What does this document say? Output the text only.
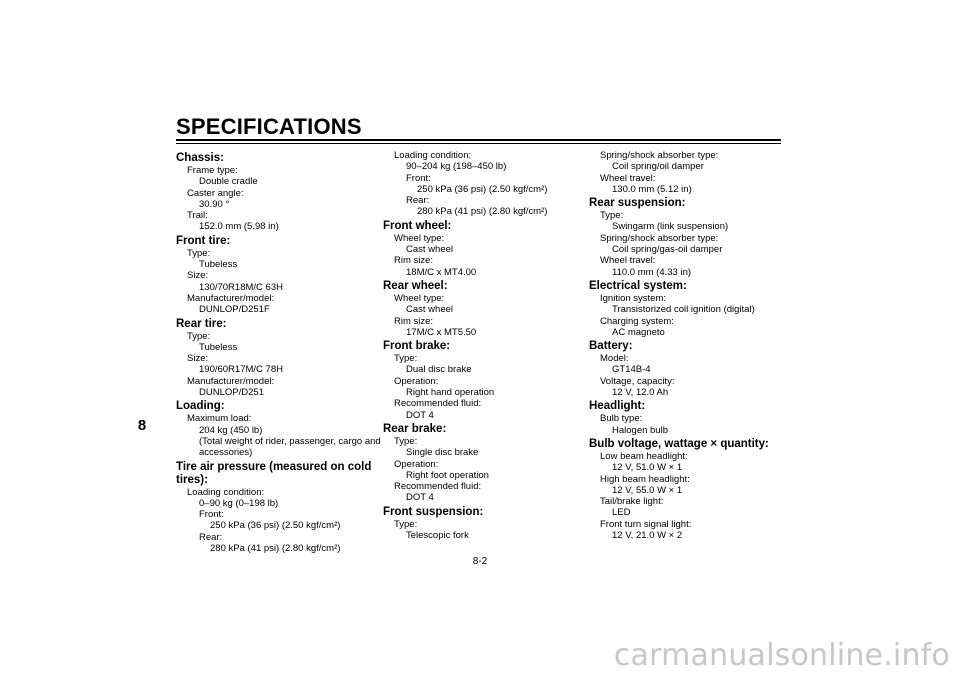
SPECIFICATIONS
8
Chassis:
Frame type:
Double cradle
Caster angle:
30.90 °
Trail:
152.0 mm (5.98 in)
Front tire:
Type:
Tubeless
Size:
130/70R18M/C 63H
Manufacturer/model:
DUNLOP/D251F
Rear tire:
Type:
Tubeless
Size:
190/60R17M/C 78H
Manufacturer/model:
DUNLOP/D251
Loading:
Maximum load:
204 kg (450 lb)
(Total weight of rider, passenger, cargo and
accessories)
Tire air pressure (measured on cold tires):
Loading condition:
0–90 kg (0–198 lb)
Front:
250 kPa (36 psi) (2.50 kgf/cm²)
Rear:
280 kPa (41 psi) (2.80 kgf/cm²)
Loading condition:
90–204 kg (198–450 lb)
Front:
250 kPa (36 psi) (2.50 kgf/cm²)
Rear:
280 kPa (41 psi) (2.80 kgf/cm²)
Front wheel:
Wheel type:
Cast wheel
Rim size:
18M/C x MT4.00
Rear wheel:
Wheel type:
Cast wheel
Rim size:
17M/C x MT5.50
Front brake:
Type:
Dual disc brake
Operation:
Right hand operation
Recommended fluid:
DOT 4
Rear brake:
Type:
Single disc brake
Operation:
Right foot operation
Recommended fluid:
DOT 4
Front suspension:
Type:
Telescopic fork
Spring/shock absorber type:
Coil spring/oil damper
Wheel travel:
130.0 mm (5.12 in)
Rear suspension:
Type:
Swingarm (link suspension)
Spring/shock absorber type:
Coil spring/gas-oil damper
Wheel travel:
110.0 mm (4.33 in)
Electrical system:
Ignition system:
Transistorized coil ignition (digital)
Charging system:
AC magneto
Battery:
Model:
GT14B-4
Voltage, capacity:
12 V, 12.0 Ah
Headlight:
Bulb type:
Halogen bulb
Bulb voltage, wattage × quantity:
Low beam headlight:
12 V, 51.0 W × 1
High beam headlight:
12 V, 55.0 W × 1
Tail/brake light:
LED
Front turn signal light:
12 V, 21.0 W × 2
8-2
carmanualsonline.info
